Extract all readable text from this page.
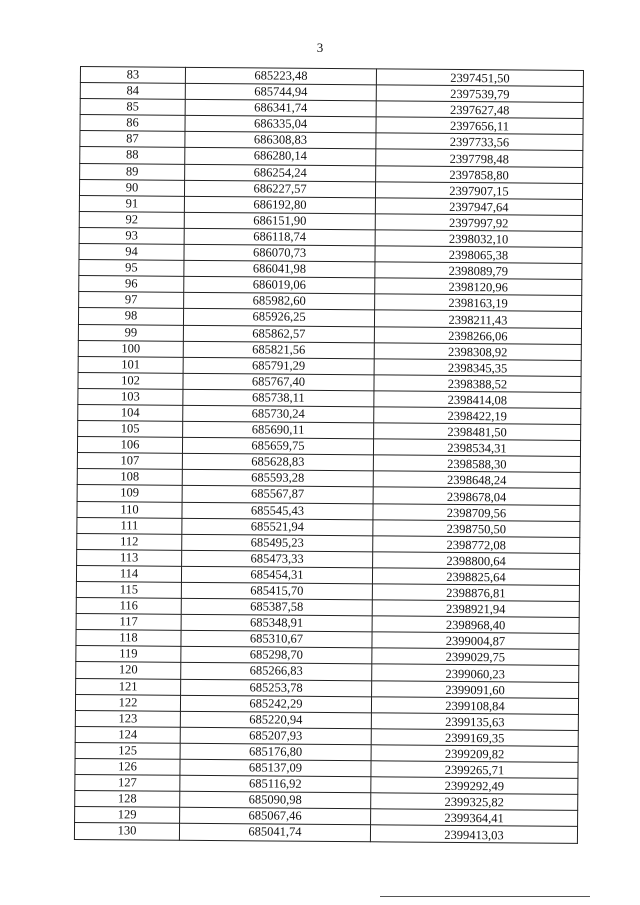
3
83	685223,48	2397451,50
84	685744,94	2397539,79
85	686341,74	2397627,48
86	686335,04	2397656,11
87	686308,83	2397733,56
88	686280,14	2397798,48
89	686254,24	2397858,80
90	686227,57	2397907,15
91	686192,80	2397947,64
92	686151,90	2397997,92
93	686118,74	2398032,10
94	686070,73	2398065,38
95	686041,98	2398089,79
96	686019,06	2398120,96
97	685982,60	2398163,19
98	685926,25	2398211,43
99	685862,57	2398266,06
100	685821,56	2398308,92
101	685791,29	2398345,35
102	685767,40	2398388,52
103	685738,11	2398414,08
104	685730,24	2398422,19
105	685690,11	2398481,50
106	685659,75	2398534,31
107	685628,83	2398588,30
108	685593,28	2398648,24
109	685567,87	2398678,04
110	685545,43	2398709,56
111	685521,94	2398750,50
112	685495,23	2398772,08
113	685473,33	2398800,64
114	685454,31	2398825,64
115	685415,70	2398876,81
116	685387,58	2398921,94
117	685348,91	2398968,40
118	685310,67	2399004,87
119	685298,70	2399029,75
120	685266,83	2399060,23
121	685253,78	2399091,60
122	685242,29	2399108,84
123	685220,94	2399135,63
124	685207,93	2399169,35
125	685176,80	2399209,82
126	685137,09	2399265,71
127	685116,92	2399292,49
128	685090,98	2399325,82
129	685067,46	2399364,41
130	685041,74	2399413,03
